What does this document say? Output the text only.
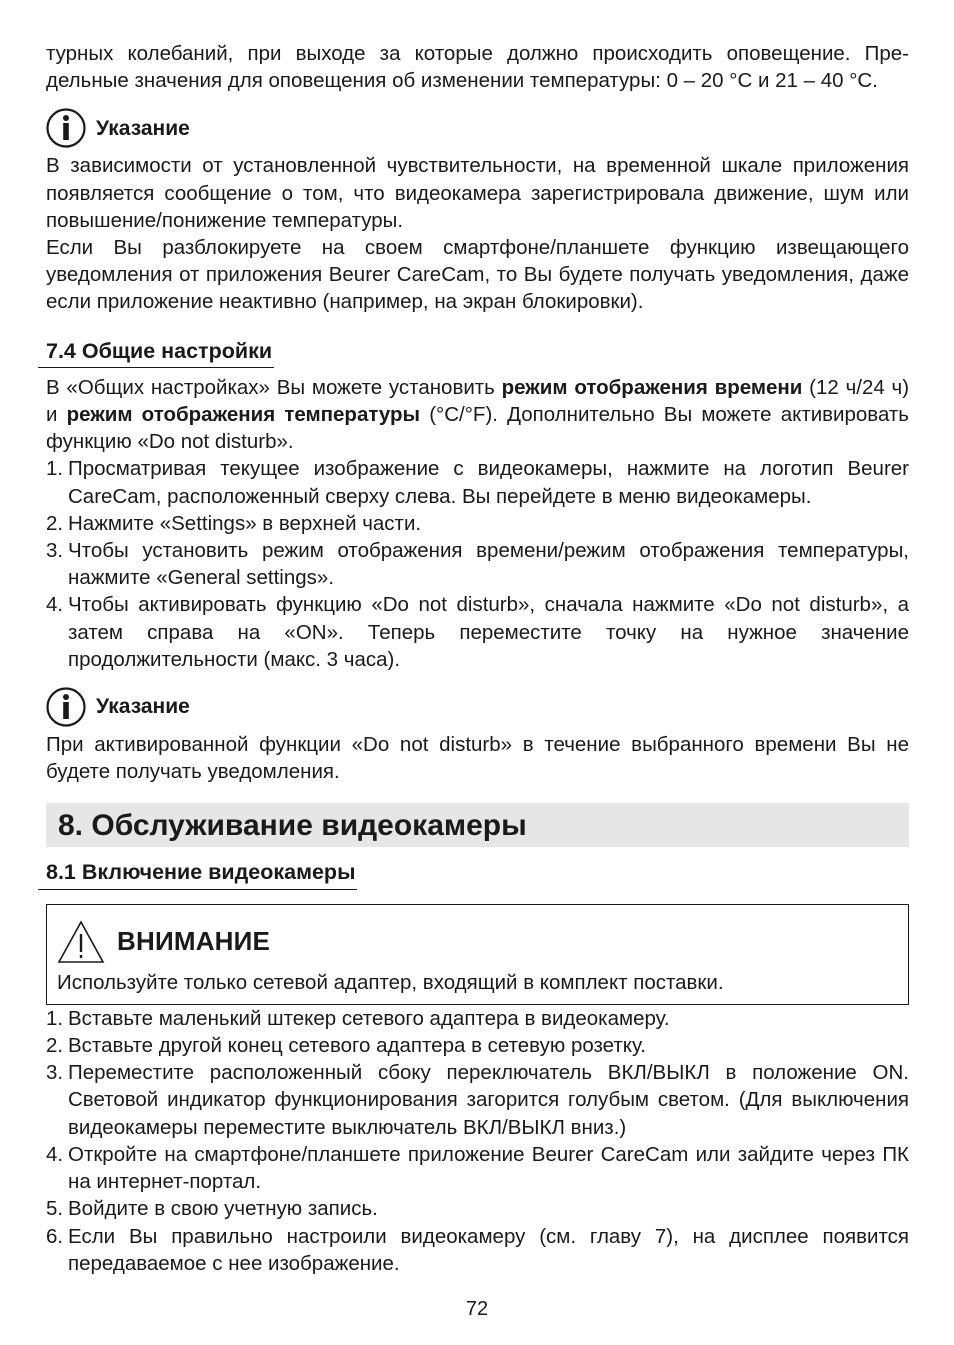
турных колебаний, при выходе за которые должно происходить оповещение. Пре-

дельные значения для оповещения об изменении температуры: 0 – 20 °C и 21 – 40 °C.

Указание

В зависимости от установленной чувствительности, на временной шкале приложения появляется сообщение о том, что видеокамера зарегистрировала движение, шум или повышение/понижение температуры.

Если Вы разблокируете на своем смартфоне/планшете функцию извещающего уведомления от приложения Beurer CareCam, то Вы будете получать уведомления, даже если приложение неактивно (например, на экран блокировки).

7.4 Общие настройки

В «Общих настройках» Вы можете установить режим отображения времени (12 ч/24 ч) и режим отображения температуры (°C/°F). Дополнительно Вы можете активировать функцию «Do not disturb».

1. Просматривая текущее изображение с видеокамеры, нажмите на логотип Beurer CareCam, расположенный сверху слева. Вы перейдете в меню видеокамеры.
2. Нажмите «Settings» в верхней части.
3. Чтобы установить режим отображения времени/режим отображения температуры, нажмите «General settings».
4. Чтобы активировать функцию «Do not disturb», сначала нажмите «Do not disturb», а затем справа на «ON». Теперь переместите точку на нужное значение продолжительности (макс. 3 часа).
Указание

При активированной функции «Do not disturb» в течение выбранного времени Вы не будете получать уведомления.

8. Обслуживание видеокамеры
8.1 Включение видеокамеры
ВНИМАНИЕ

Используйте только сетевой адаптер, входящий в комплект поставки.

1. Вставьте маленький штекер сетевого адаптера в видеокамеру.
2. Вставьте другой конец сетевого адаптера в сетевую розетку.
3. Переместите расположенный сбоку переключатель ВКЛ/ВЫКЛ в положение ON. Световой индикатор функционирования загорится голубым светом. (Для выключения видеокамеры переместите выключатель ВКЛ/ВЫКЛ вниз.)
4. Откройте на смартфоне/планшете приложение Beurer CareCam или зайдите через ПК на интернет-портал.
5. Войдите в свою учетную запись.
6. Если Вы правильно настроили видеокамеру (см. главу 7), на дисплее появится передаваемое с нее изображение.
72
